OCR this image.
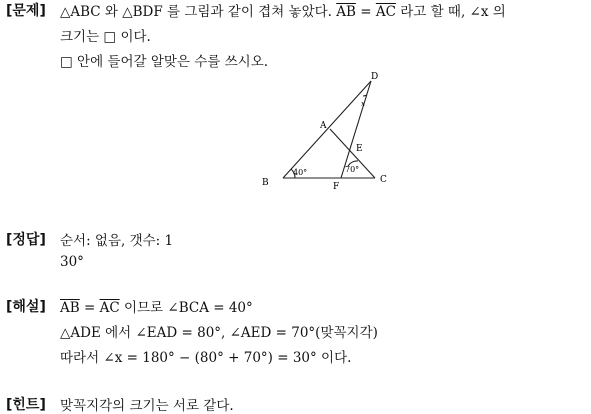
[문제] △ABC 와 △BDF 를 그림과 같이 겹쳐 놓았다. $\overline{AB} = \overline{AC}$ 라고 할 때, ∠x 의
크기는 □ 이다.
□ 안에 들어갈 알맞은 수를 쓰시오.
D
A
E
B	F
C
x
40°	70°
[정답] 순서: 없음, 갯수: 1
30°
[해설] $\overline{AB} = \overline{AC}$ 이므로 ∠BCA = 40°
△ADE 에서 ∠EAD = 80°, ∠AED = 70°(맞꼭지각)
따라서 ∠x = 180° − (80° + 70°) = 30° 이다.
[힌트] 맞꼭지각의 크기는 서로 같다.
